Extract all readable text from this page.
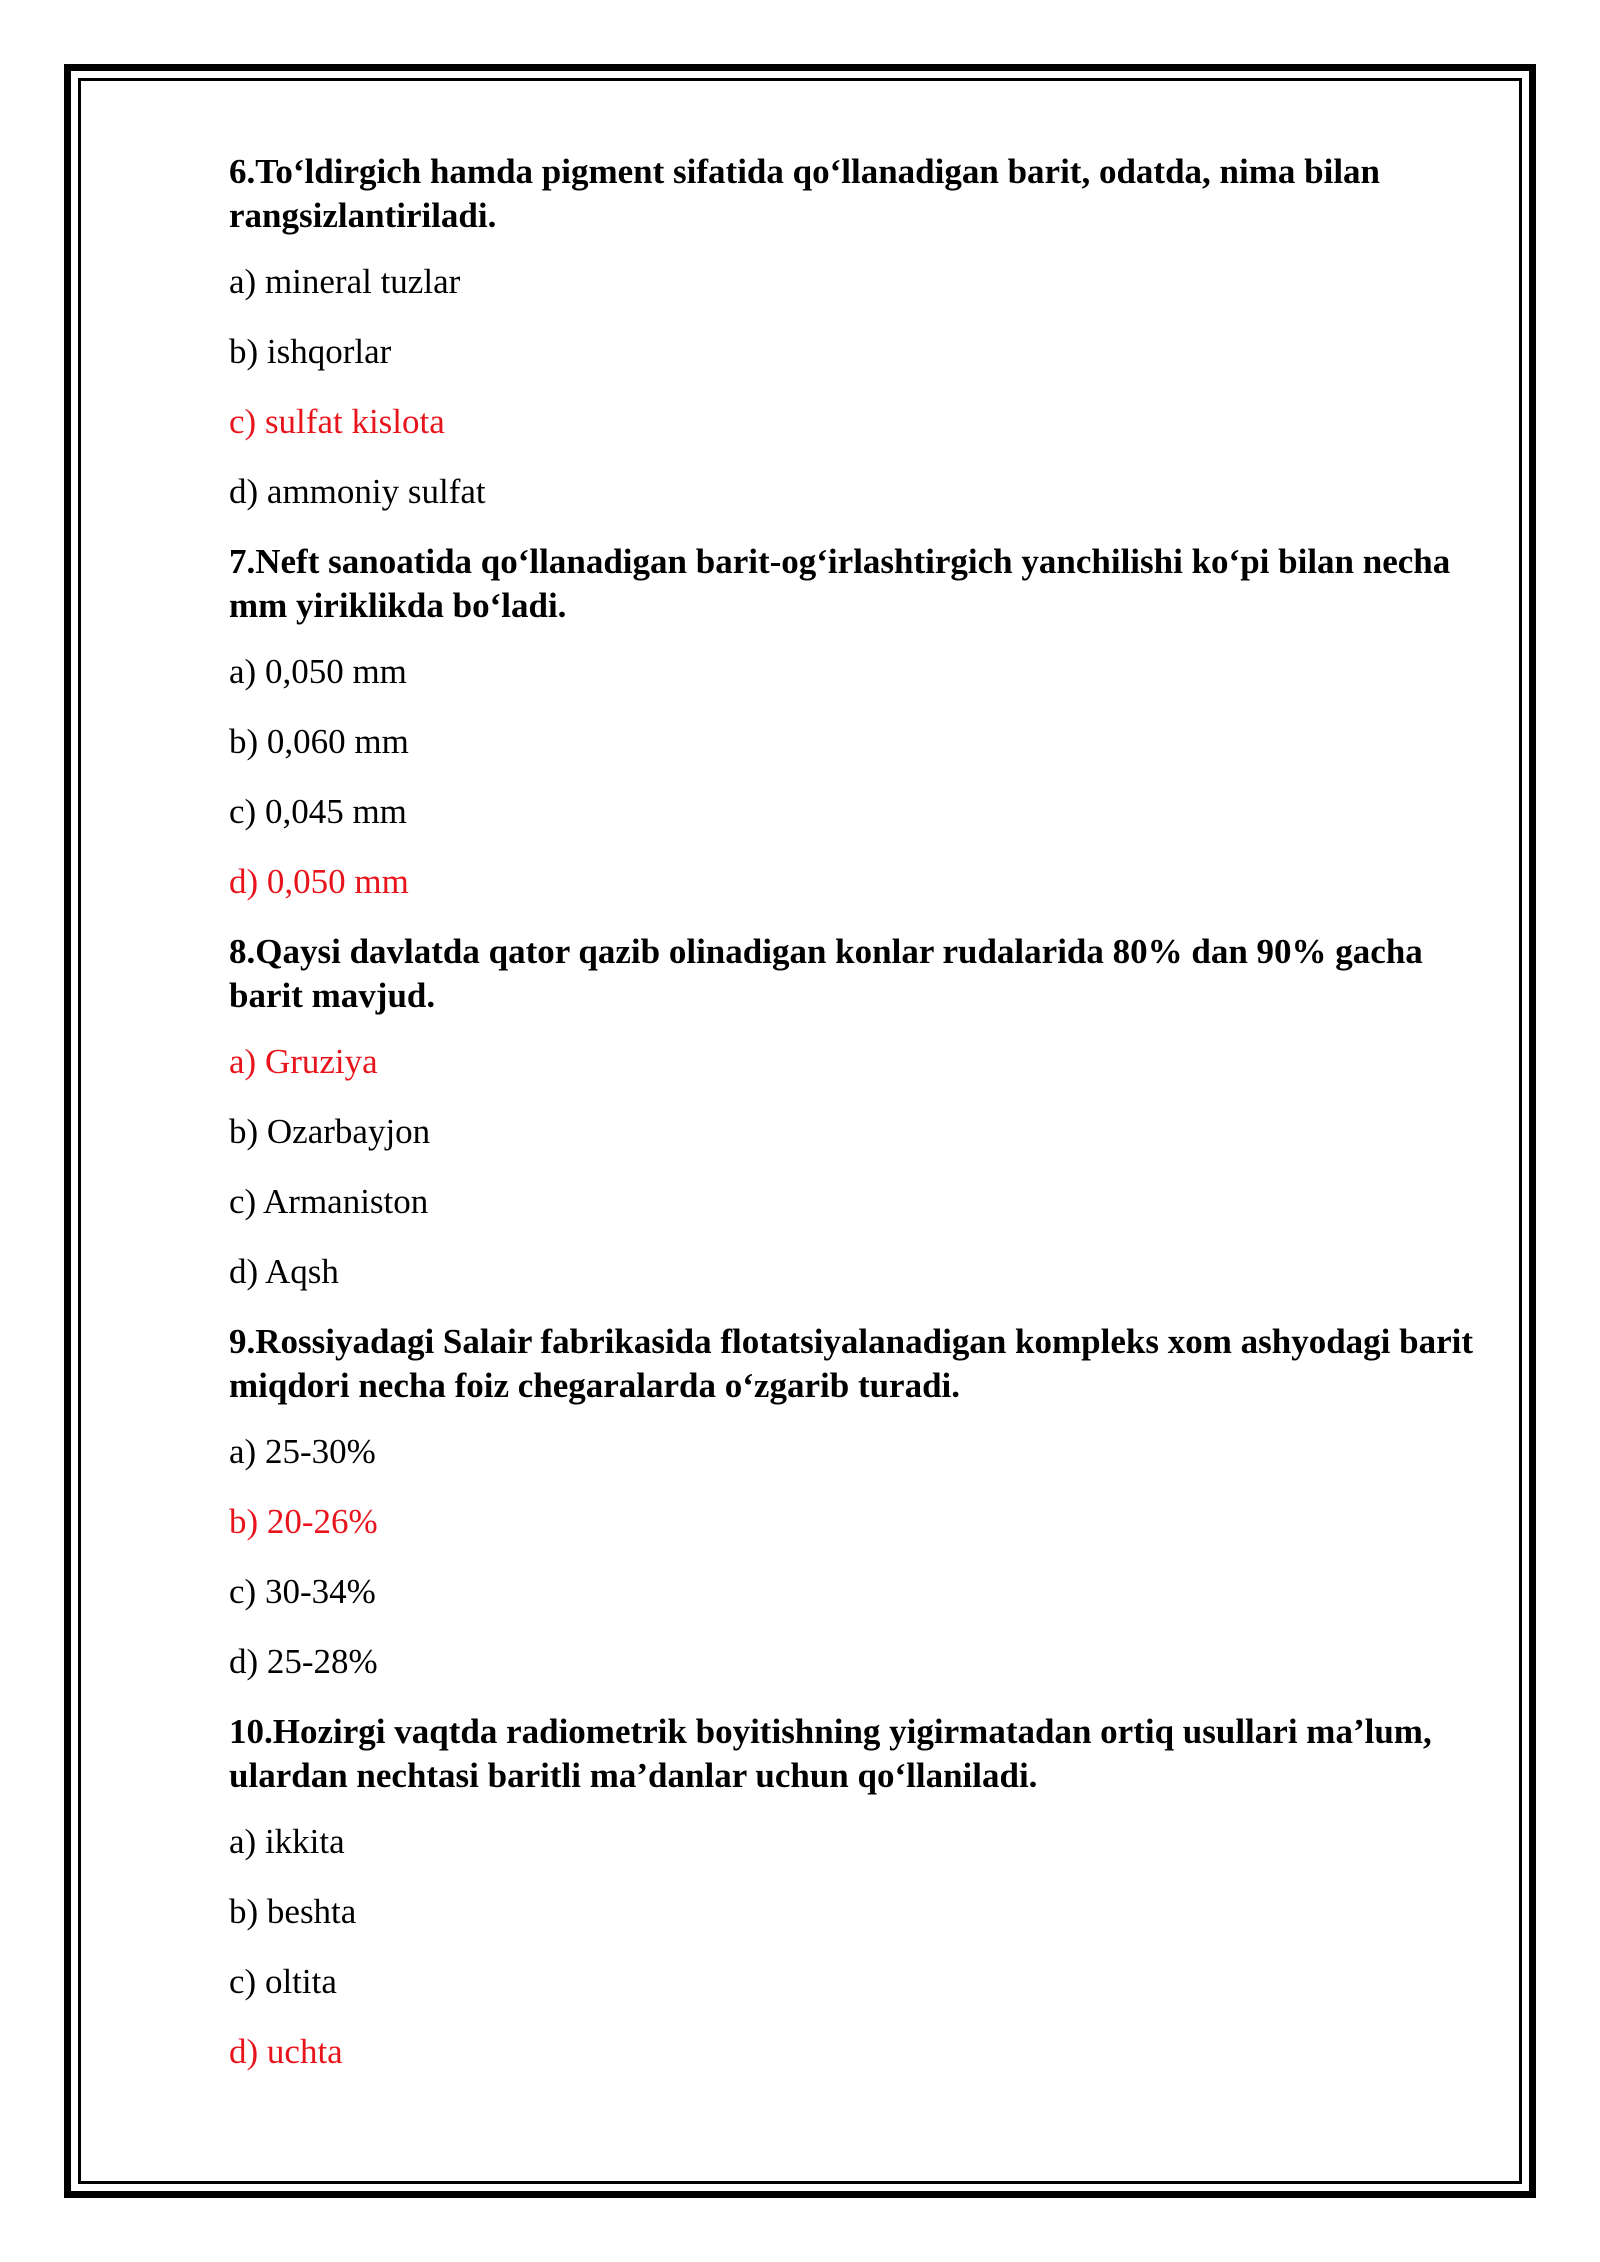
6.To‘ldirgich hamda pigment sifatida qo‘llanadigan barit, odatda, nima bilan rangsizlantiriladi.
a) mineral tuzlar
b) ishqorlar
c) sulfat kislota
d) ammoniy sulfat
7.Neft sanoatida qo‘llanadigan barit-og‘irlashtirgich yanchilishi ko‘pi bilan necha mm yiriklikda bo‘ladi.
a) 0,050 mm
b) 0,060 mm
c) 0,045 mm
d) 0,050 mm
8.Qaysi davlatda qator qazib olinadigan konlar rudalarida 80% dan 90% gacha barit mavjud.
a) Gruziya
b) Ozarbayjon
c) Armaniston
d) Aqsh
9.Rossiyadagi Salair fabrikasida flotatsiyalanadigan kompleks xom ashyodagi barit miqdori necha foiz chegaralarda o‘zgarib turadi.
a) 25-30%
b) 20-26%
c) 30-34%
d) 25-28%
10.Hozirgi vaqtda radiometrik boyitishning yigirmatadan ortiq usullari ma’lum, ulardan nechtasi baritli ma’danlar uchun qo‘llaniladi.
a) ikkita
b) beshta
c) oltita
d) uchta
